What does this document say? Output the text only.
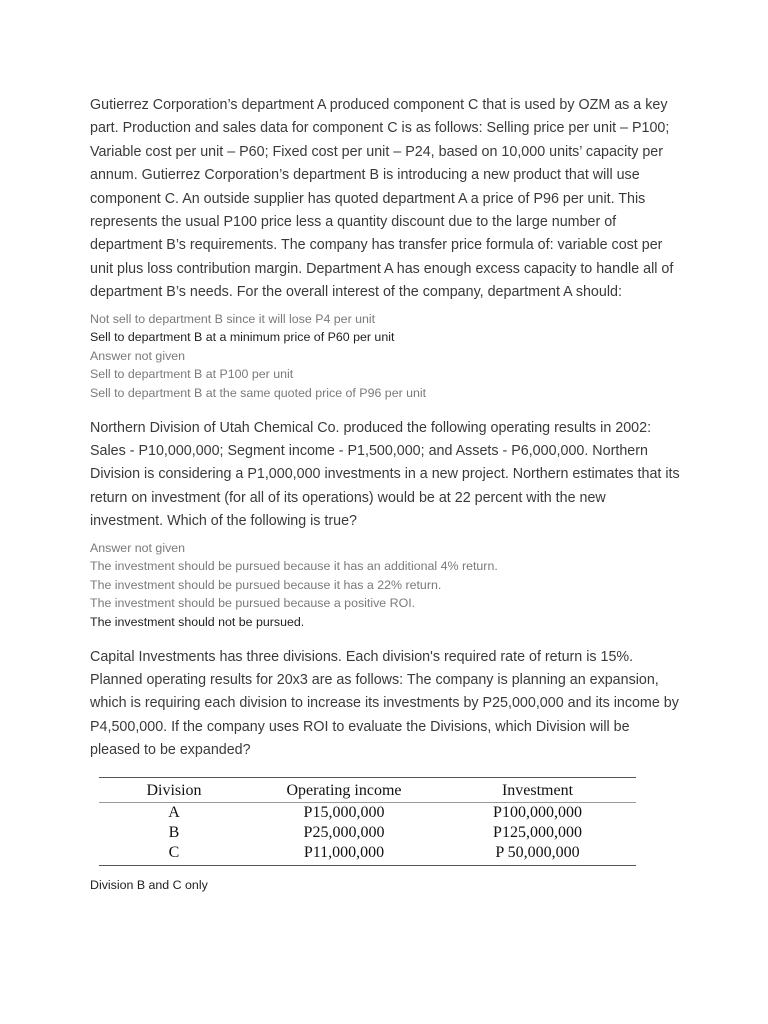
Gutierrez Corporation’s department A produced component C that is used by OZM as a key part. Production and sales data for component C is as follows: Selling price per unit – P100; Variable cost per unit – P60; Fixed cost per unit – P24, based on 10,000 units’ capacity per annum. Gutierrez Corporation’s department B is introducing a new product that will use component C. An outside supplier has quoted department A a price of P96 per unit. This represents the usual P100 price less a quantity discount due to the large number of department B’s requirements. The company has transfer price formula of: variable cost per unit plus loss contribution margin. Department A has enough excess capacity to handle all of department B’s needs. For the overall interest of the company, department A should:

Not sell to department B since it will lose P4 per unit
Sell to department B at a minimum price of P60 per unit
Answer not given
Sell to department B at P100 per unit
Sell to department B at the same quoted price of P96 per unit

Northern Division of Utah Chemical Co. produced the following operating results in 2002: Sales - P10,000,000; Segment income - P1,500,000; and Assets - P6,000,000. Northern Division is considering a P1,000,000 investments in a new project. Northern estimates that its return on investment (for all of its operations) would be at 22 percent with the new investment. Which of the following is true?

Answer not given
The investment should be pursued because it has an additional 4% return.
The investment should be pursued because it has a 22% return.
The investment should be pursued because a positive ROI.
The investment should not be pursued.

Capital Investments has three divisions. Each division's required rate of return is 15%. Planned operating results for 20x3 are as follows: The company is planning an expansion, which is requiring each division to increase its investments by P25,000,000 and its income by P4,500,000. If the company uses ROI to evaluate the Divisions, which Division will be pleased to be expanded?

Division	Operating income	Investment
A	P15,000,000	P100,000,000
B	P25,000,000	P125,000,000
C	P11,000,000	P 50,000,000
Division B and C only
